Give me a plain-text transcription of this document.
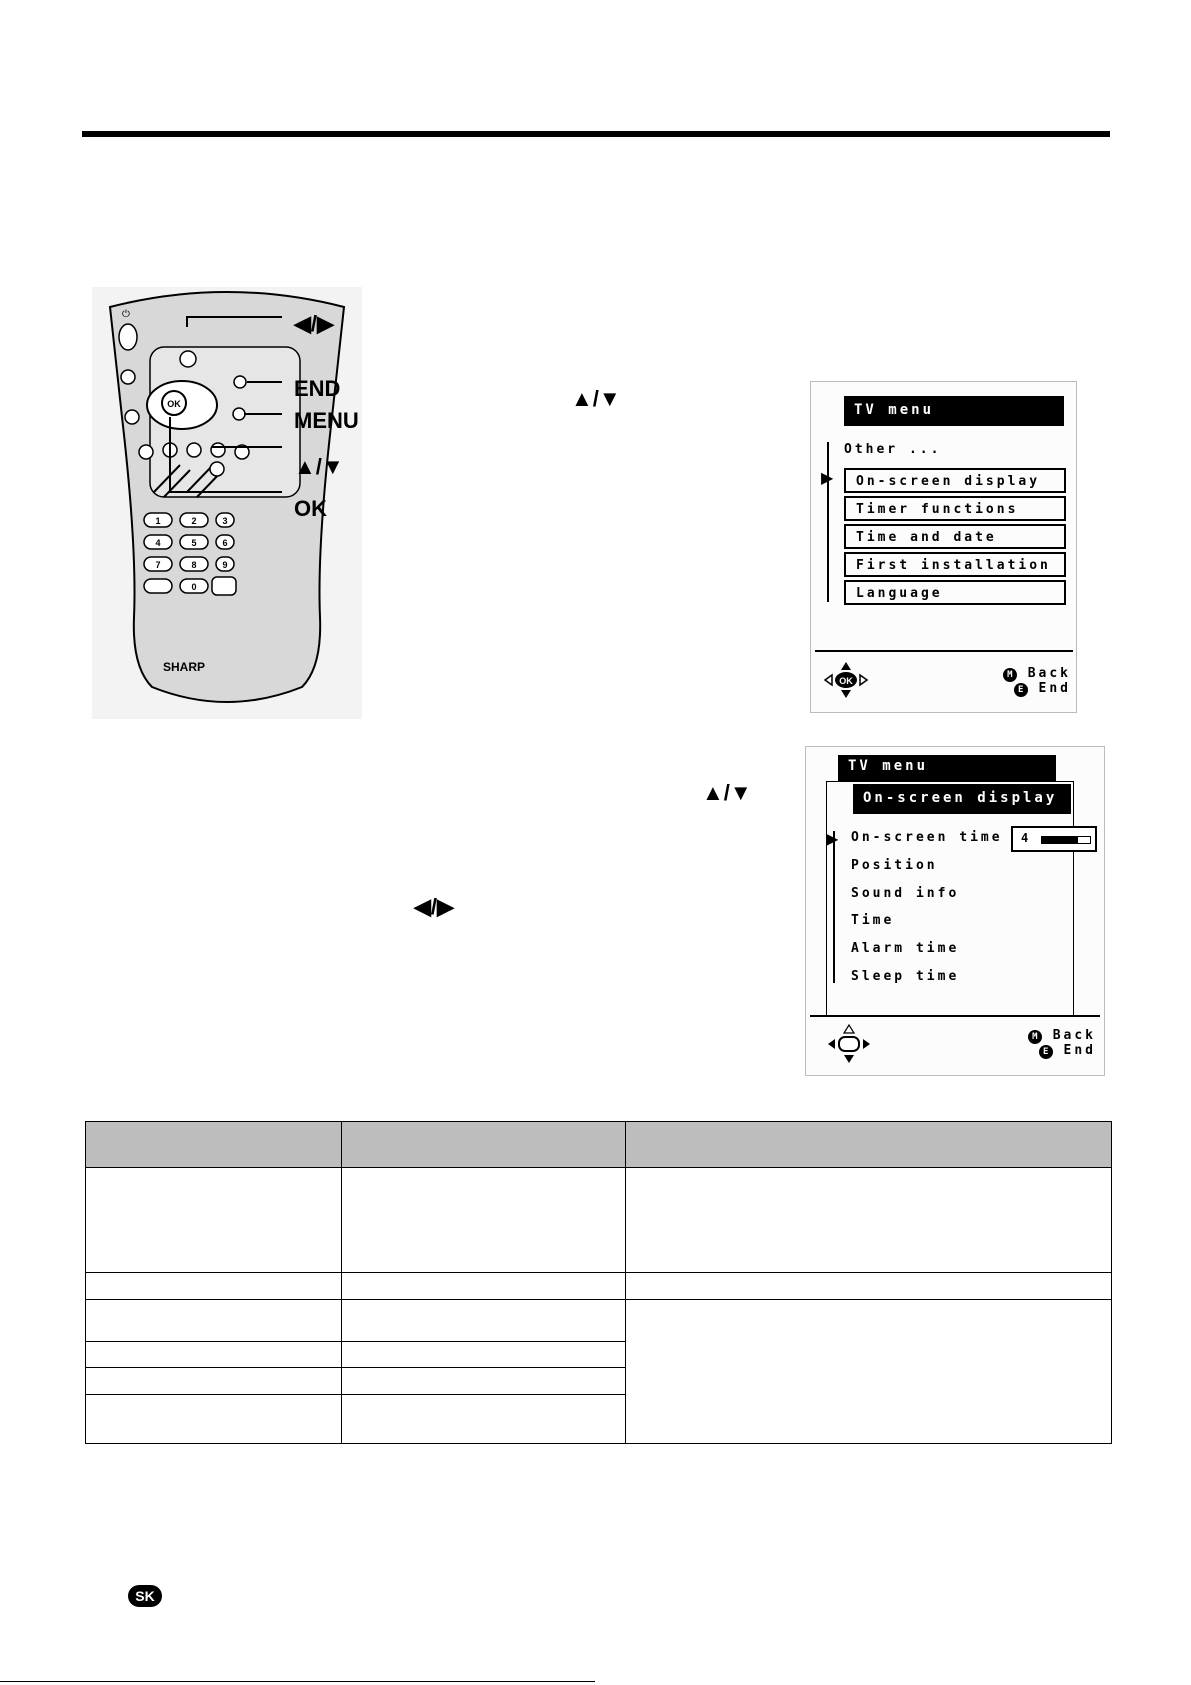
⏻
OK
1	2	3
4	5	6
7	8	9
0
SHARP
◀/▶
END
MENU
▲/▼
OK
▲/▼
▲/▼
◀/▶
TV menu
Other ...
▶	On-screen display
Timer functions
Time and date
First installation
Language
OK
M Back
E End
TV menu
On-screen display
▶ On-screen time
Position
Sound info
Time
Alarm time
Sleep time
4
M Back
E End

SK
